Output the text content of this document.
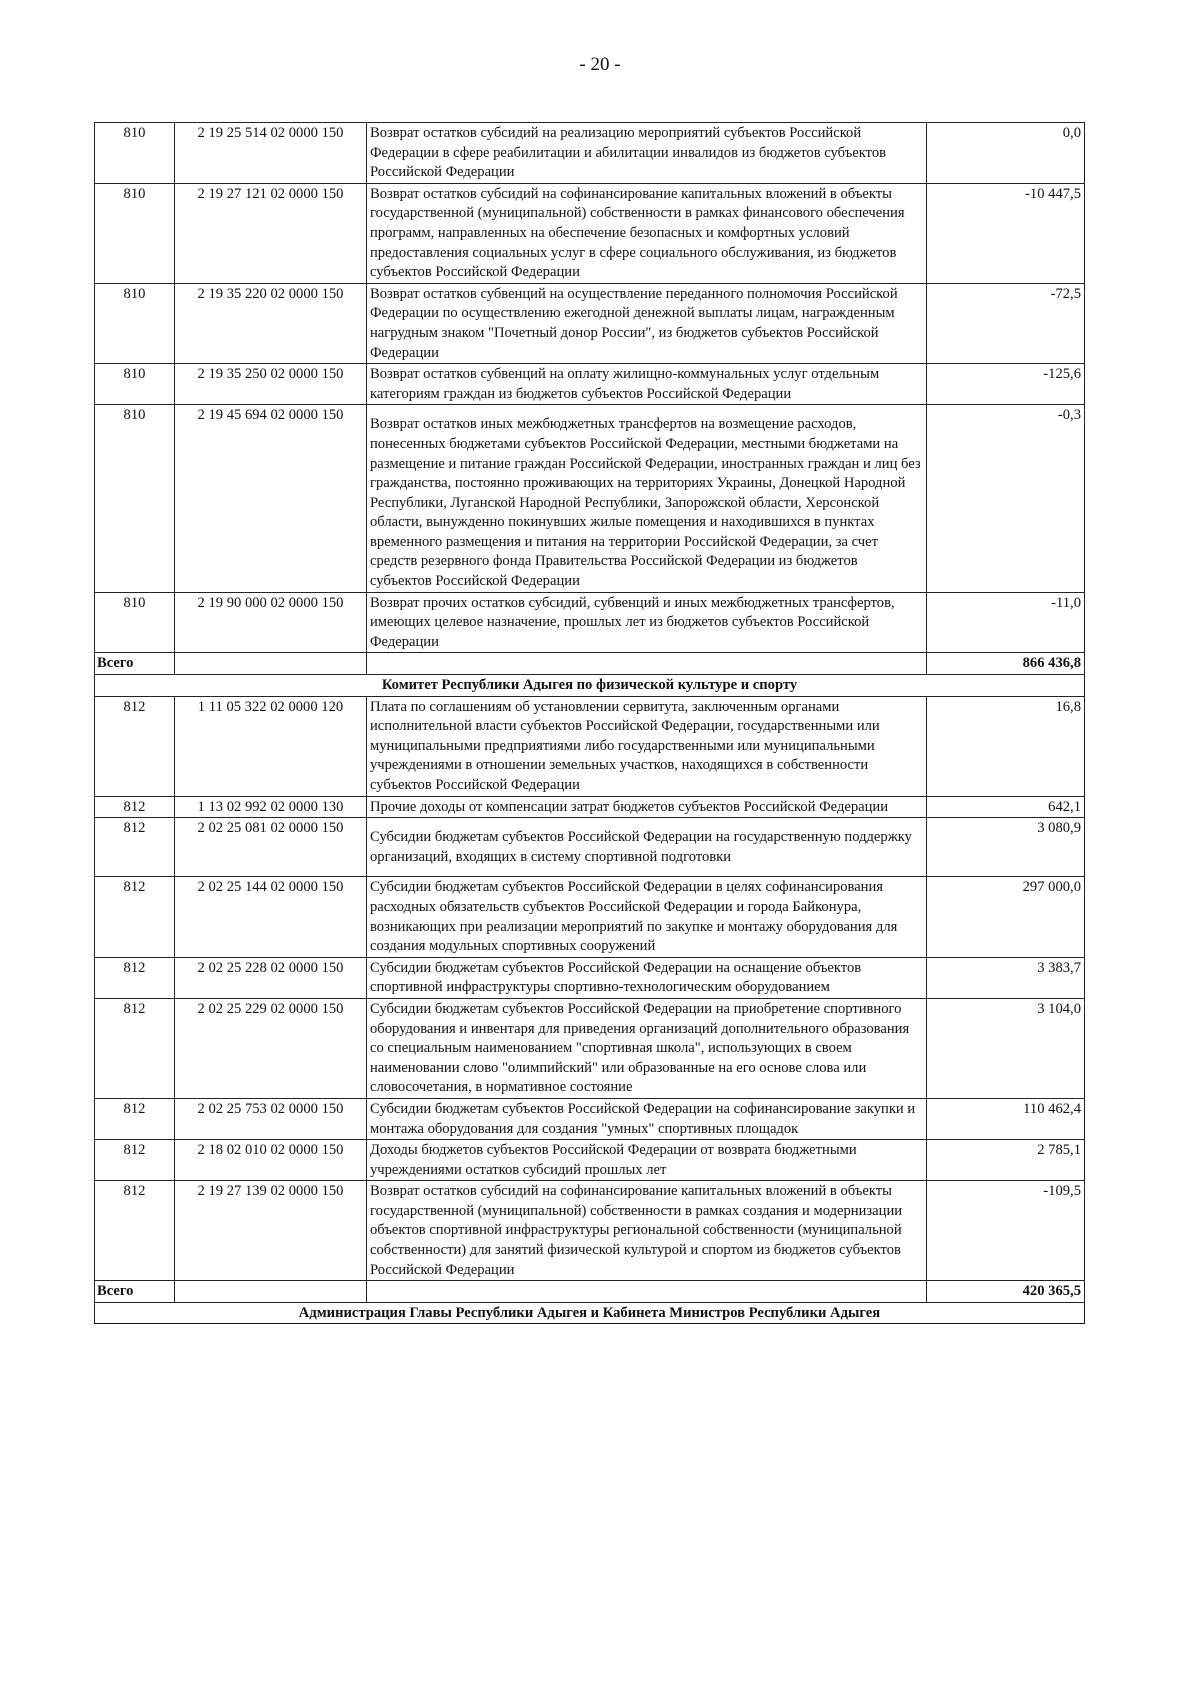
- 20 -
810	2 19 25 514 02 0000 150	Возврат остатков субсидий на реализацию мероприятий субъектов Российской Федерации в сфере реабилитации и абилитации инвалидов из бюджетов субъектов Российской Федерации	0,0
810	2 19 27 121 02 0000 150	Возврат остатков субсидий на софинансирование капитальных вложений в объекты государственной (муниципальной) собственности в рамках финансового обеспечения программ, направленных на обеспечение безопасных и комфортных условий предоставления социальных услуг в сфере социального обслуживания, из бюджетов субъектов Российской Федерации	-10 447,5
810	2 19 35 220 02 0000 150	Возврат остатков субвенций на осуществление переданного полномочия Российской Федерации по осуществлению ежегодной денежной выплаты лицам, награжденным нагрудным знаком "Почетный донор России", из бюджетов субъектов Российской Федерации	-72,5
810	2 19 35 250 02 0000 150	Возврат остатков субвенций на оплату жилищно-коммунальных услуг отдельным категориям граждан из бюджетов субъектов Российской Федерации	-125,6
810	2 19 45 694 02 0000 150	Возврат остатков иных межбюджетных трансфертов на возмещение расходов, понесенных бюджетами субъектов Российской Федерации, местными бюджетами на размещение и питание граждан Российской Федерации, иностранных граждан и лиц без гражданства, постоянно проживающих на территориях Украины, Донецкой Народной Республики, Луганской Народной Республики, Запорожской области, Херсонской области, вынужденно покинувших жилые помещения и находившихся в пунктах временного размещения и питания на территории Российской Федерации, за счет средств резервного фонда Правительства Российской Федерации из бюджетов субъектов Российской Федерации	-0,3
810	2 19 90 000 02 0000 150	Возврат прочих остатков субсидий, субвенций и иных межбюджетных трансфертов, имеющих целевое назначение, прошлых лет из бюджетов субъектов Российской Федерации	-11,0
Всего			866 436,8
Комитет Республики Адыгея по физической культуре и спорту			
812	1 11 05 322 02 0000 120	Плата по соглашениям об установлении сервитута, заключенным органами исполнительной власти субъектов Российской Федерации, государственными или муниципальными предприятиями либо государственными или муниципальными учреждениями в отношении земельных участков, находящихся в собственности субъектов Российской Федерации	16,8
812	1 13 02 992 02 0000 130	Прочие доходы от компенсации затрат бюджетов субъектов Российской Федерации	642,1
812	2 02 25 081 02 0000 150	Субсидии бюджетам субъектов Российской Федерации на государственную поддержку организаций, входящих в систему спортивной подготовки	3 080,9
812	2 02 25 144 02 0000 150	Субсидии бюджетам субъектов Российской Федерации в целях софинансирования расходных обязательств субъектов Российской Федерации и города Байконура, возникающих при реализации мероприятий по закупке и монтажу оборудования для создания модульных спортивных сооружений	297 000,0
812	2 02 25 228 02 0000 150	Субсидии бюджетам субъектов Российской Федерации на оснащение объектов спортивной инфраструктуры спортивно-технологическим оборудованием	3 383,7
812	2 02 25 229 02 0000 150	Субсидии бюджетам субъектов Российской Федерации на приобретение спортивного оборудования и инвентаря для приведения организаций дополнительного образования со специальным наименованием "спортивная школа", использующих в своем наименовании слово "олимпийский" или образованные на его основе слова или словосочетания, в нормативное состояние	3 104,0
812	2 02 25 753 02 0000 150	Субсидии бюджетам субъектов Российской Федерации на софинансирование закупки и монтажа оборудования для создания "умных" спортивных площадок	110 462,4
812	2 18 02 010 02 0000 150	Доходы бюджетов субъектов Российской Федерации от возврата бюджетными учреждениями остатков субсидий прошлых лет	2 785,1
812	2 19 27 139 02 0000 150	Возврат остатков субсидий на софинансирование капитальных вложений в объекты государственной (муниципальной) собственности в рамках создания и модернизации объектов спортивной инфраструктуры региональной собственности (муниципальной собственности) для занятий физической культурой и спортом из бюджетов субъектов Российской Федерации	-109,5
Всего			420 365,5
Администрация Главы Республики Адыгея и Кабинета Министров Республики Адыгея			
